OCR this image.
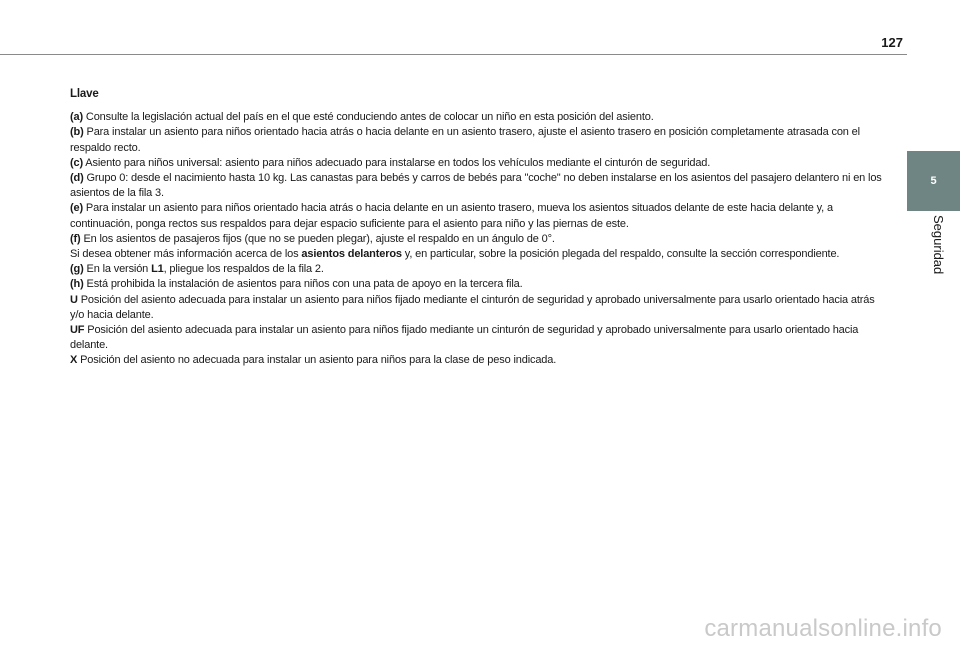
127
5
Seguridad
Llave

(a) Consulte la legislación actual del país en el que esté conduciendo antes de colocar un niño en esta posición del asiento.

(b) Para instalar un asiento para niños orientado hacia atrás o hacia delante en un asiento trasero, ajuste el asiento trasero en posición completamente atrasada con el respaldo recto.

(c) Asiento para niños universal: asiento para niños adecuado para instalarse en todos los vehículos mediante el cinturón de seguridad.

(d) Grupo 0: desde el nacimiento hasta 10 kg. Las canastas para bebés y carros de bebés para "coche" no deben instalarse en los asientos del pasajero delantero ni en los asientos de la fila 3.

(e) Para instalar un asiento para niños orientado hacia atrás o hacia delante en un asiento trasero, mueva los asientos situados delante de este hacia delante y, a continuación, ponga rectos sus respaldos para dejar espacio suficiente para el asiento para niño y las piernas de este.

(f) En los asientos de pasajeros fijos (que no se pueden plegar), ajuste el respaldo en un ángulo de 0°.

Si desea obtener más información acerca de los asientos delanteros y, en particular, sobre la posición plegada del respaldo, consulte la sección correspondiente.

(g) En la versión L1, pliegue los respaldos de la fila 2.

(h) Está prohibida la instalación de asientos para niños con una pata de apoyo en la tercera fila.

U Posición del asiento adecuada para instalar un asiento para niños fijado mediante el cinturón de seguridad y aprobado universalmente para usarlo orientado hacia atrás y/o hacia delante.

UF Posición del asiento adecuada para instalar un asiento para niños fijado mediante un cinturón de seguridad y aprobado universalmente para usarlo orientado hacia delante.

X Posición del asiento no adecuada para instalar un asiento para niños para la clase de peso indicada.

carmanualsonline.info
